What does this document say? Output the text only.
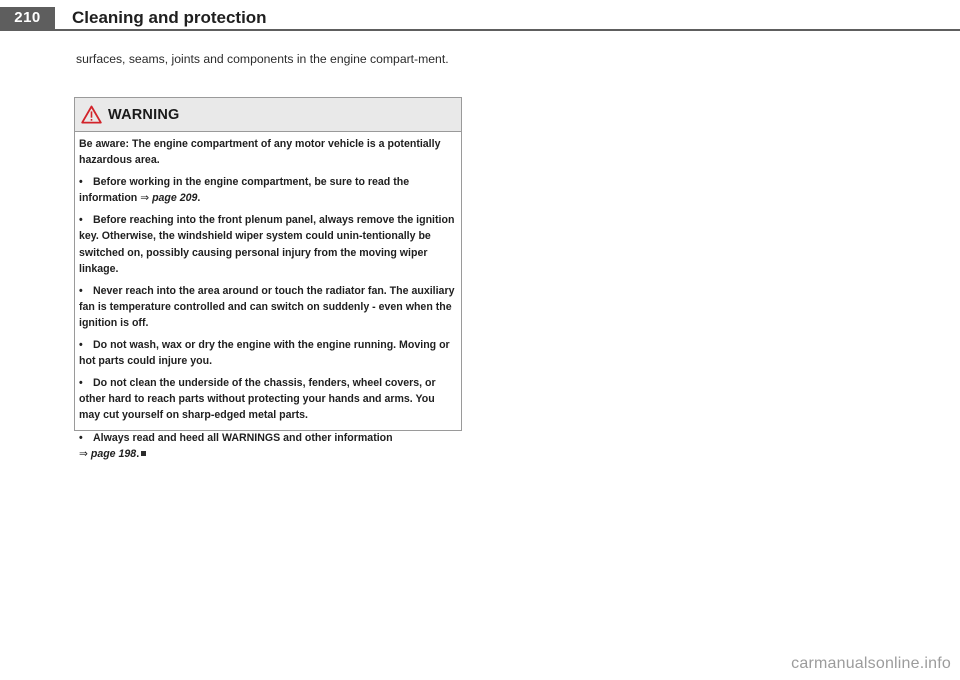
210	Cleaning and protection
surfaces, seams, joints and components in the engine compart-ment.
WARNING

Be aware: The engine compartment of any motor vehicle is a potentially hazardous area.

• Before working in the engine compartment, be sure to read the information ⇒ page 209.

• Before reaching into the front plenum panel, always remove the ignition key. Otherwise, the windshield wiper system could unin-tentionally be switched on, possibly causing personal injury from the moving wiper linkage.

• Never reach into the area around or touch the radiator fan. The auxiliary fan is temperature controlled and can switch on suddenly - even when the ignition is off.

• Do not wash, wax or dry the engine with the engine running. Moving or hot parts could injure you.

• Do not clean the underside of the chassis, fenders, wheel covers, or other hard to reach parts without protecting your hands and arms. You may cut yourself on sharp-edged metal parts.

• Always read and heed all WARNINGS and other information
⇒ page 198.

carmanualsonline.info
